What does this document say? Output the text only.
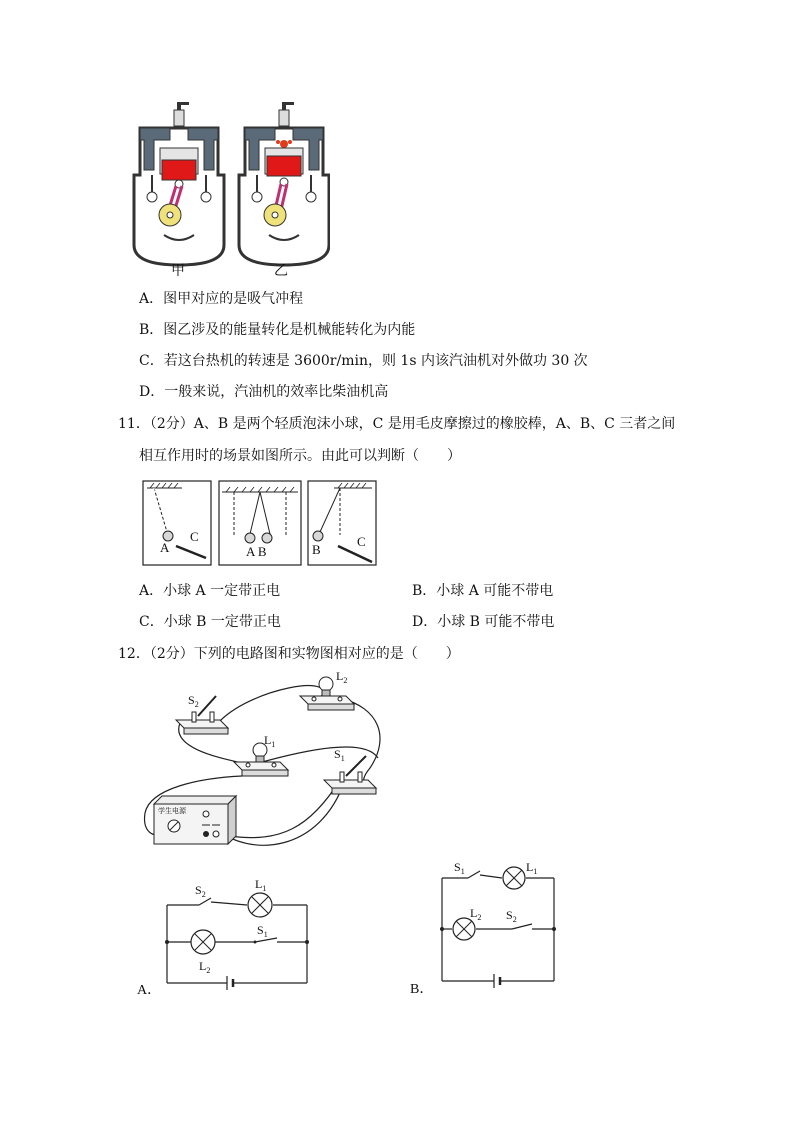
甲	乙
A．图甲对应的是吸气冲程
B．图乙涉及的能量转化是机械能转化为内能
C．若这台热机的转速是 3600r/min，则 1s 内该汽油机对外做功 30 次
D．一般来说，汽油机的效率比柴油机高
11．（2分）A、B 是两个轻质泡沫小球，C 是用毛皮摩擦过的橡胶棒，A、B、C 三者之间
相互作用时的场景如图所示。由此可以判断（　　）
A
C
A B	B
C
A．小球 A 一定带正电	B．小球 A 可能不带电
C．小球 B 一定带正电	D．小球 B 可能不带电
12．（2分）下列的电路图和实物图相对应的是（　　）
$S_2$
$L_2$
$L_1$
$S_1$
学生电源
$S_2$
$L_1$
$S_1$
$L_2$
A．
$S_1$	$L_1$
$L_2$ $S_2$
B．
